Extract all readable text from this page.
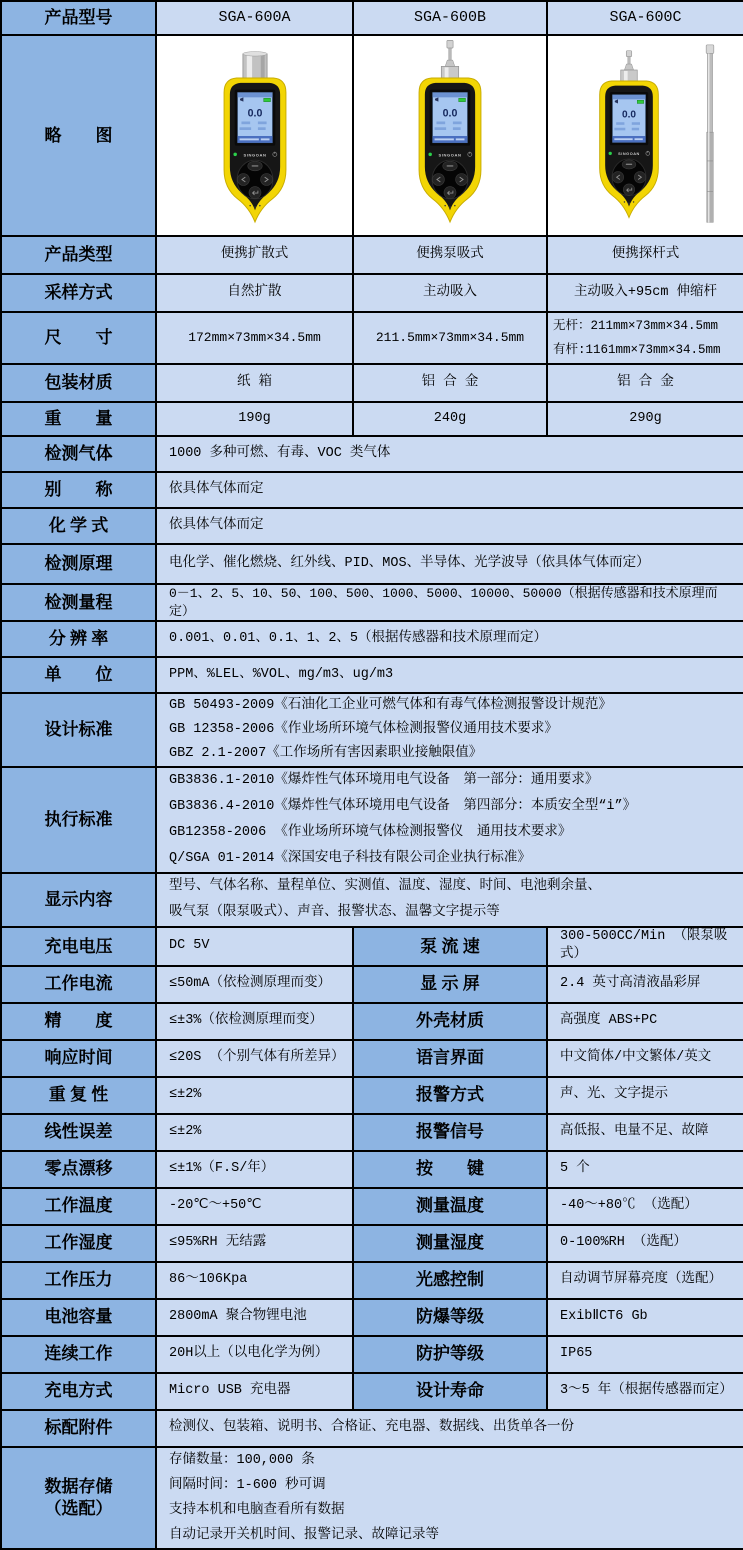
产品型号	SGA-600A	SGA-600B	SGA-600C
略　　图	0.0	0.0	0.0

产品类型	便携扩散式	便携泵吸式	便携探杆式
采样方式	自然扩散	主动吸入	主动吸入+95cm 伸缩杆
尺　　寸	172mm×73mm×34.5mm	211.5mm×73mm×34.5mm	无杆：211mm×73mm×34.5mm
有杆:1161mm×73mm×34.5mm

包装材质	纸 箱	铝 合 金	铝 合 金
重　　量	190g	240g	290g
检测气体	1000 多种可燃、有毒、VOC 类气体		
别　　称	依具体气体而定		
化 学 式	依具体气体而定		
检测原理	电化学、催化燃烧、红外线、PID、MOS、半导体、光学波导（依具体气体而定）		
检测量程	0－1、2、5、10、50、100、500、1000、5000、10000、50000（根据传感器和技术原理而定）		
分 辨 率	0.001、0.01、0.1、1、2、5（根据传感器和技术原理而定）		
单　　位	PPM、%LEL、%VOL、mg/m3、ug/m3		
设计标准	GB 50493-2009《石油化工企业可燃气体和有毒气体检测报警设计规范》
GB 12358-2006《作业场所环境气体检测报警仪通用技术要求》
GBZ 2.1-2007《工作场所有害因素职业接触限值》		

执行标准	GB3836.1-2010《爆炸性气体环境用电气设备　第一部分：通用要求》
GB3836.4-2010《爆炸性气体环境用电气设备　第四部分：本质安全型“i”》
GB12358-2006 《作业场所环境气体检测报警仪　通用技术要求》
Q/SGA 01-2014《深国安电子科技有限公司企业执行标准》		

显示内容	型号、气体名称、量程单位、实测值、温度、湿度、时间、电池剩余量、
吸气泵（限泵吸式）、声音、报警状态、温馨文字提示等		

充电电压	DC 5V	泵 流 速	300-500CC/Min （限泵吸式）
工作电流	≤50mA（依检测原理而变）	显 示 屏	2.4 英寸高清液晶彩屏
精　　度	≤±3%（依检测原理而变）	外壳材质	高强度 ABS+PC
响应时间	≤20S （个别气体有所差异）	语言界面	中文简体/中文繁体/英文
重 复 性	≤±2%	报警方式	声、光、文字提示
线性误差	≤±2%	报警信号	高低报、电量不足、故障
零点漂移	≤±1%（F.S/年）	按　　键	5 个
工作温度	-20℃～+50℃	测量温度	-40～+80℃ （选配）
工作湿度	≤95%RH 无结露	测量湿度	0-100%RH （选配）
工作压力	86～106Kpa	光感控制	自动调节屏幕亮度（选配）
电池容量	2800mA 聚合物锂电池	防爆等级	ExibⅡCT6 Gb
连续工作	20H以上（以电化学为例）	防护等级	IP65
充电方式	Micro USB 充电器	设计寿命	3～5 年（根据传感器而定）
标配附件	检测仪、包装箱、说明书、合格证、充电器、数据线、出货单各一份		

数据存储
（选配）

存储数量：100,000 条
间隔时间：1-600 秒可调
支持本机和电脑查看所有数据
自动记录开关机时间、报警记录、故障记录等
